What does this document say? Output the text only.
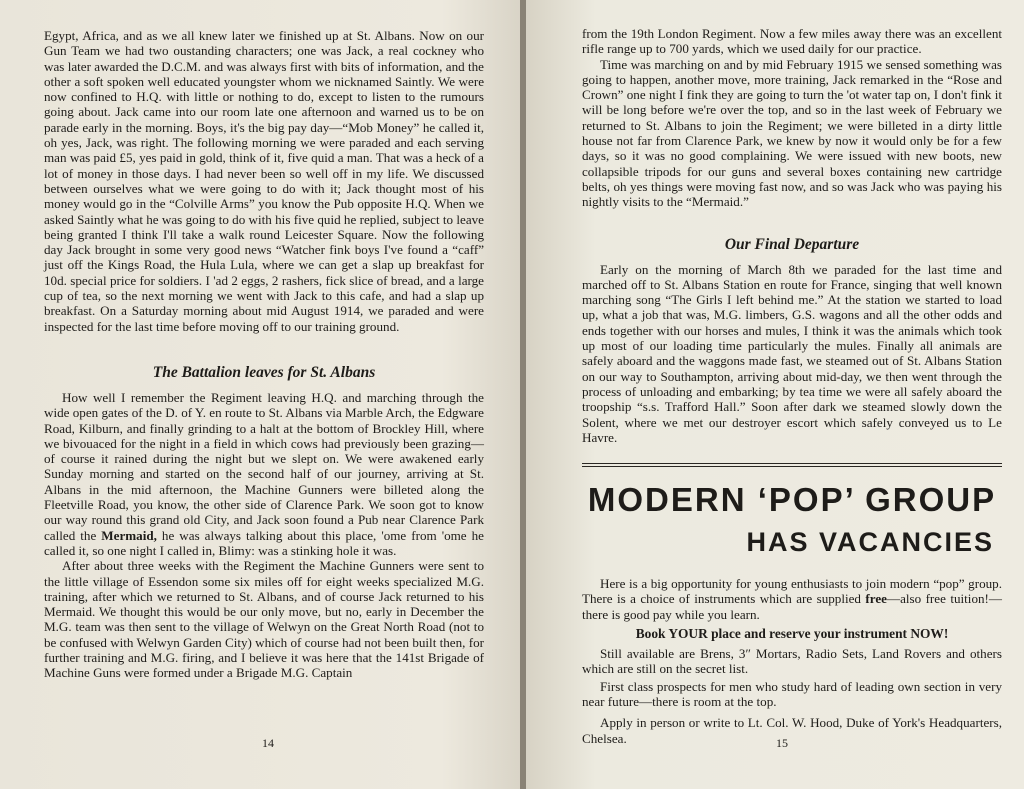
Egypt, Africa, and as we all knew later we finished up at St. Albans. Now on our Gun Team we had two oustanding characters; one was Jack, a real cockney who was later awarded the D.C.M. and was always first with bits of information, and the other a soft spoken well educated youngster whom we nicknamed Saintly. We were now confined to H.Q. with little or nothing to do, except to listen to the rumours going about. Jack came into our room late one afternoon and warned us to be on parade early in the morning. Boys, it's the big pay day—“Mob Money” he called it, oh yes, Jack, was right. The following morning we were paraded and each serving man was paid £5, yes paid in gold, think of it, five quid a man. That was a heck of a lot of money in those days. I had never been so well off in my life. We discussed between ourselves what we were going to do with it; Jack thought most of his money would go in the “Colville Arms” you know the Pub opposite H.Q. When we asked Saintly what he was going to do with his five quid he replied, subject to leave being granted I think I'll take a walk round Leicester Square. Now the following day Jack brought in some very good news “Watcher fink boys I've found a “caff” just off the Kings Road, the Hula Lula, where we can get a slap up breakfast for 10d. special price for soldiers. I 'ad 2 eggs, 2 rashers, fick slice of bread, and a large cup of tea, so the next morning we went with Jack to this cafe, and had a slap up breakfast. On a Saturday morning about mid August 1914, we paraded and were inspected for the last time before moving off to our training ground.

The Battalion leaves for St. Albans

How well I remember the Regiment leaving H.Q. and marching through the wide open gates of the D. of Y. en route to St. Albans via Marble Arch, the Edgware Road, Kilburn, and finally grinding to a halt at the bottom of Brockley Hill, where we bivouaced for the night in a field in which cows had previously been grazing—of course it rained during the night but we slept on. We were awakened early Sunday morning and started on the second half of our journey, arriving at St. Albans in the mid afternoon, the Machine Gunners were billeted along the Fleetville Road, you know, the other side of Clarence Park. We soon got to know our way round this grand old City, and Jack soon found a Pub near Clarence Park called the Mermaid, he was always talking about this place, 'ome from 'ome he called it, so one night I called in, Blimy: was a stinking hole it was.

After about three weeks with the Regiment the Machine Gunners were sent to the little village of Essendon some six miles off for eight weeks specialized M.G. training, after which we returned to St. Albans, and of course Jack returned to his Mermaid. We thought this would be our only move, but no, early in December the M.G. team was then sent to the village of Welwyn on the Great North Road (not to be confused with Welwyn Garden City) which of course had not been built then, for further training and M.G. firing, and I believe it was here that the 141st Brigade of Machine Guns were formed under a Brigade M.G. Captain

14

from the 19th London Regiment. Now a few miles away there was an excellent rifle range up to 700 yards, which we used daily for our practice.

Time was marching on and by mid February 1915 we sensed something was going to happen, another move, more training, Jack remarked in the “Rose and Crown” one night I fink they are going to turn the 'ot water tap on, I don't fink it will be long before we're over the top, and so in the last week of February we returned to St. Albans to join the Regiment; we were billeted in a dirty little house not far from Clarence Park, we knew by now it would only be for a few days, so it was no good complaining. We were issued with new boots, new collapsible tripods for our guns and several boxes containing new cartridge belts, oh yes things were moving fast now, and so was Jack who was paying his nightly visits to the “Mermaid.”

Our Final Departure

Early on the morning of March 8th we paraded for the last time and marched off to St. Albans Station en route for France, singing that well known marching song “The Girls I left behind me.” At the station we started to load up, what a job that was, M.G. limbers, G.S. wagons and all the other odds and ends together with our horses and mules, I think it was the animals which took up most of our loading time particularly the mules. Finally all animals are safely aboard and the waggons made fast, we steamed out of St. Albans Station on our way to Southampton, arriving about mid-day, we then went through the process of unloading and embarking; by tea time we were all safely aboard the troopship “s.s. Trafford Hall.” Soon after dark we steamed slowly down the Solent, where we met our destroyer escort which safely conveyed us to Le Havre.

MODERN ‘POP’ GROUP
HAS VACANCIES

Here is a big opportunity for young enthusiasts to join modern “pop” group. There is a choice of instruments which are supplied free—also free tuition!—there is good pay while you learn.

Book YOUR place and reserve your instrument NOW!

Still available are Brens, 3″ Mortars, Radio Sets, Land Rovers and others which are still on the secret list.

First class prospects for men who study hard of leading own section in very near future—there is room at the top.

Apply in person or write to Lt. Col. W. Hood, Duke of York's Headquarters, Chelsea.	15
